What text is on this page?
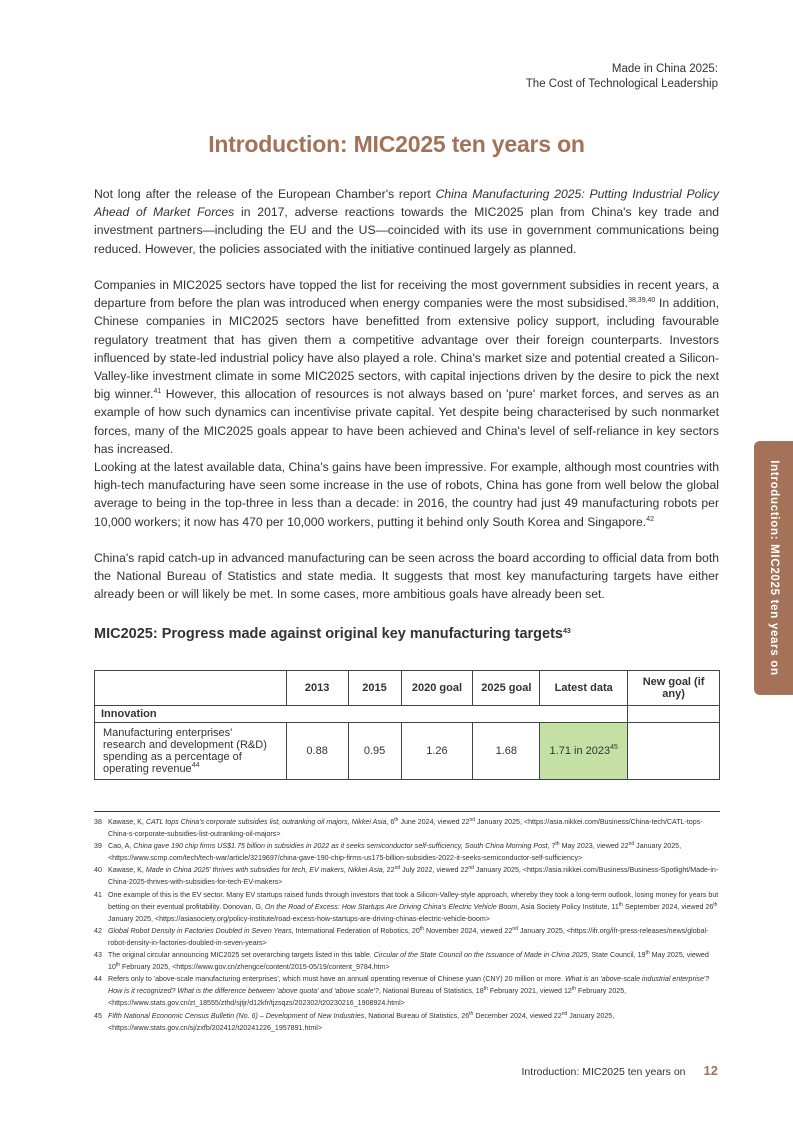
Made in China 2025:
The Cost of Technological Leadership
Introduction: MIC2025 ten years on

Not long after the release of the European Chamber's report China Manufacturing 2025: Putting Industrial Policy Ahead of Market Forces in 2017, adverse reactions towards the MIC2025 plan from China's key trade and investment partners—including the EU and the US—coincided with its use in government communications being reduced. However, the policies associated with the initiative continued largely as planned.

Companies in MIC2025 sectors have topped the list for receiving the most government subsidies in recent years, a departure from before the plan was introduced when energy companies were the most subsidised.$^{38,39,40}$ In addition, Chinese companies in MIC2025 sectors have benefitted from extensive policy support, including favourable regulatory treatment that has given them a competitive advantage over their foreign counterparts. Investors influenced by state-led industrial policy have also played a role. China's market size and potential created a Silicon-Valley-like investment climate in some MIC2025 sectors, with capital injections driven by the desire to pick the next big winner.$^{41}$ However, this allocation of resources is not always based on 'pure' market forces, and serves as an example of how such dynamics can incentivise private capital. Yet despite being characterised by such nonmarket forces, many of the MIC2025 goals appear to have been achieved and China's level of self-reliance in key sectors has increased.

Looking at the latest available data, China's gains have been impressive. For example, although most countries with high-tech manufacturing have seen some increase in the use of robots, China has gone from well below the global average to being in the top-three in less than a decade: in 2016, the country had just 49 manufacturing robots per 10,000 workers; it now has 470 per 10,000 workers, putting it behind only South Korea and Singapore.$^{42}$

China's rapid catch-up in advanced manufacturing can be seen across the board according to official data from both the National Bureau of Statistics and state media. It suggests that most key manufacturing targets have either already been or will likely be met. In some cases, more ambitious goals have already been set.

MIC2025: Progress made against original key manufacturing targets$^{43}$
	2013	2015	2020 goal	2025 goal	Latest data	New goal (if any)
Innovation						
Manufacturing enterprises' research and development (R&D) spending as a percentage of operating revenue$^{44}$	0.88	0.95	1.26	1.68	1.71 in 2023$^{45}$	
38 Kawase, K, CATL tops China's corporate subsidies list, outranking oil majors, Nikkei Asia, 6th June 2024, viewed 22nd January 2025, <https://asia.nikkei.com/Business/China-tech/CATL-tops-China-s-corporate-subsidies-list-outranking-oil-majors>
39 Cao, A, China gave 190 chip firms US$1.75 billion in subsidies in 2022 as it seeks semiconductor self-sufficiency, South China Morning Post, 7th May 2023, viewed 22nd January 2025, <https://www.scmp.com/tech/tech-war/article/3219697/china-gave-190-chip-firms-us175-billion-subsidies-2022-it-seeks-semiconductor-self-sufficiency>
40 Kawase, K, Made in China 2025' thrives with subsidies for tech, EV makers, Nikkei Asia, 22nd July 2022, viewed 22nd January 2025, <https://asia.nikkei.com/Business/Business-Spotlight/Made-in-China-2025-thrives-with-subsidies-for-tech-EV-makers>
41 One example of this is the EV sector. Many EV startups raised funds through investors that took a Silicon-Valley-style approach, whereby they took a long-term outlook, losing money for years but betting on their eventual profitability. Donovan, G, On the Road of Excess: How Startups Are Driving China's Electric Vehicle Boom, Asia Society Policy Institute, 11th September 2024, viewed 26th January 2025, <https://asiasociety.org/policy-institute/road-excess-how-startups-are-driving-chinas-electric-vehicle-boom>
42 Global Robot Density in Factories Doubled in Seven Years, International Federation of Robotics, 20th November 2024, viewed 22nd January 2025, <https://ifr.org/ifr-press-releases/news/global-robot-density-in-factories-doubled-in-seven-years>
43 The original circular announcing MIC2025 set overarching targets listed in this table. Circular of the State Council on the Issuance of Made in China 2025, State Council, 19th May 2025, viewed 10th February 2025, <https://www.gov.cn/zhengce/content/2015-05/19/content_9784.htm>
44 Refers only to 'above-scale manufacturing enterprises', which must have an annual operating revenue of Chinese yuan (CNY) 20 million or more. What is an 'above-scale industrial enterprise'? How is it recognized? What is the difference between 'above quota' and 'above scale'?, National Bureau of Statistics, 18th February 2021, viewed 12th February 2025, <https://www.stats.gov.cn/zt_18555/zthd/sjtjr/d12kfr/tjzsqzs/202302/t20230216_1908924.html>
45 Fifth National Economic Census Bulletin (No. 6) – Development of New Industries, National Bureau of Statistics, 26th December 2024, viewed 22nd January 2025, <https://www.stats.gov.cn/sj/zxfb/202412/t20241226_1957891.html>
Introduction: MIC2025 ten years on
Introduction: MIC2025 ten years on 12
